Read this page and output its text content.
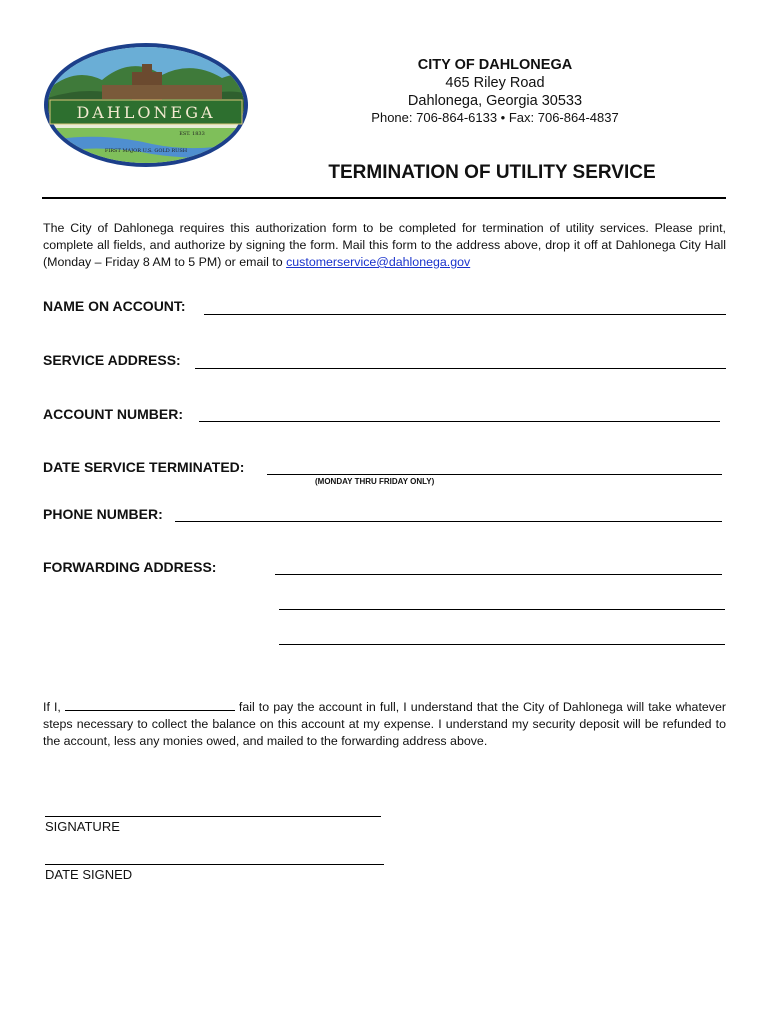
DAHLONEGA
EST. 1833
FIRST MAJOR U.S. GOLD RUSH
CITY OF DAHLONEGA
465 Riley Road
Dahlonega, Georgia 30533
Phone: 706-864-6133 • Fax: 706-864-4837
TERMINATION OF UTILITY SERVICE
The City of Dahlonega requires this authorization form to be completed for termination of utility services. Please print, complete all fields, and authorize by signing the form. Mail this form to the address above, drop it off at Dahlonega City Hall (Monday – Friday 8 AM to 5 PM) or email to customerservice@dahlonega.gov
NAME ON ACCOUNT:
SERVICE ADDRESS:
ACCOUNT NUMBER:
DATE SERVICE TERMINATED:
(MONDAY THRU FRIDAY ONLY)
PHONE NUMBER:
FORWARDING ADDRESS:
If I,	fail to pay the account in full, I understand that the City of Dahlonega will take whatever steps necessary to collect the balance on this account at my expense. I understand my security deposit will be refunded to the account, less any monies owed, and mailed to the forwarding address above.
SIGNATURE
DATE SIGNED
